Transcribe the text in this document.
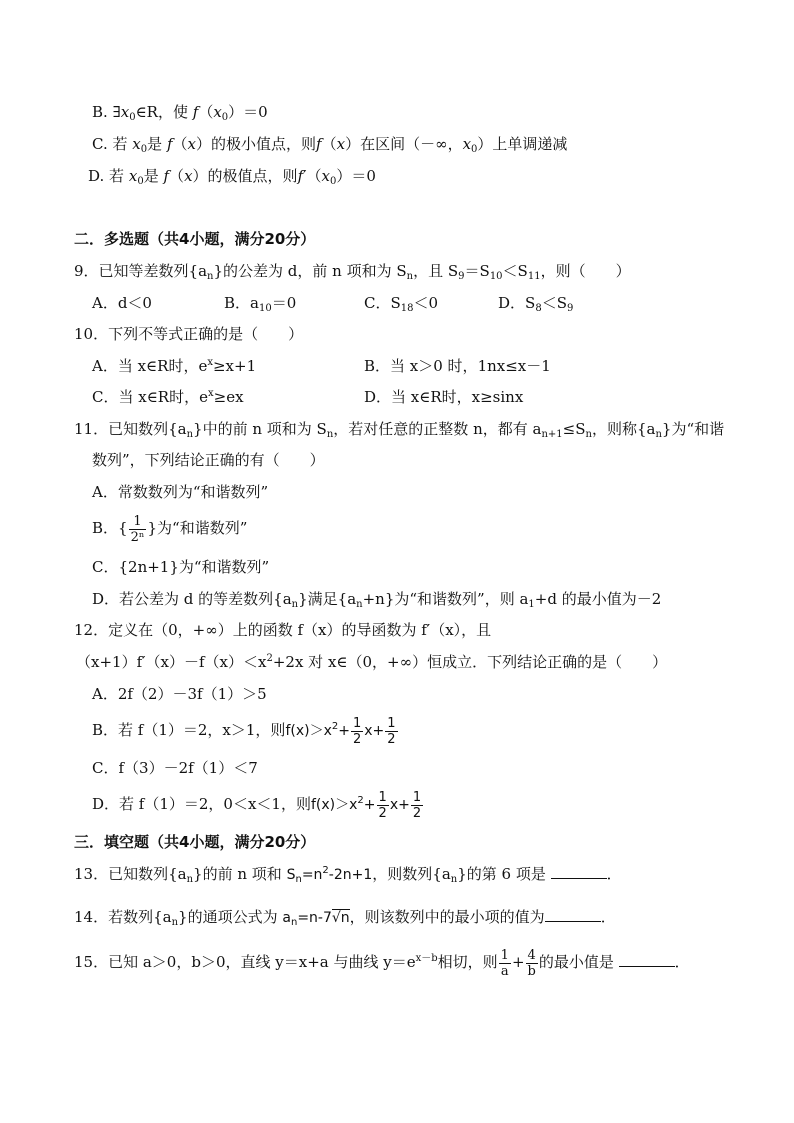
B. $\exists x_0\in R$，使 $f(x_0)=0$
C. 若 $x_0$是 f（x）的极小值点，则f（x）在区间（－∞，$x_0$）上单调递减
D. 若 $x_0$是 f（x）的极值点，则$f'(x_0)=0$
二．多选题（共4小题，满分20分）
9．已知等差数列$\{a_n\}$的公差为 d，前 n 项和为 $S_n$，且 $S_9=S_{10}<S_{11}$，则（　　）
A．d＜0	B．$a_{10}=0$	C．$S_{18}<0$	D．$S_8<S_9$
10．下列不等式正确的是（　　）
A．当 x∈R时，$e^x\ge x+1$	B．当 x＞0 时，1nx≤x－1
C．当 x∈R时，$e^x\ge ex$	D．当 x∈R时，x≥sinx
11．已知数列$\{a_n\}$中的前 n 项和为 $S_n$，若对任意的正整数 n，都有 $a_{n+1}\le S_n$，则称$\{a_n\}$为“和谐
数列”，下列结论正确的有（　　）
A．常数数列为“和谐数列”
B．{ $\frac{1}{\text{2ⁿ}}$ }为“和谐数列”
C．{2n+1}为“和谐数列”
D．若公差为 d 的等差数列$\{a_n\}$满足$\{a_n+n\}$为“和谐数列”，则 $a_1+d$ 的最小值为－2
12．定义在（0，+∞）上的函数 f（x）的导函数为 f′（x），且
$(x+1)f'(x)-f(x)<x^2+2x$ 对 x∈（0，+∞）恒成立．下列结论正确的是（　　）
A．2f（2）－3f（1）＞5
B．若 f（1）＝2，x＞1，则$f(x)>x^2+ \frac{1}{2} x+ \frac{1}{2}$
C．f（3）－2f（1）＜7
D．若 f（1）＝2，0＜x＜1，则$f(x)>x^2+ \frac{1}{2} x+ \frac{1}{2}$
三．填空题（共4小题，满分20分）
13．已知数列$\{a_n\}$的前 n 项和 $S_n=n^2-2n+1$，则数列$\{a_n\}$的第 6 项是	．
14．若数列$\{a_n\}$的通项公式为 $a_n=n-7√n$，则该数列中的最小项的值为	．
15．已知 a＞0，b＞0，直线 y＝x+a 与曲线 $y=e^{x-b}$相切，则 $\frac{1}{a} + \frac{4}{b}$ 的最小值是	．
